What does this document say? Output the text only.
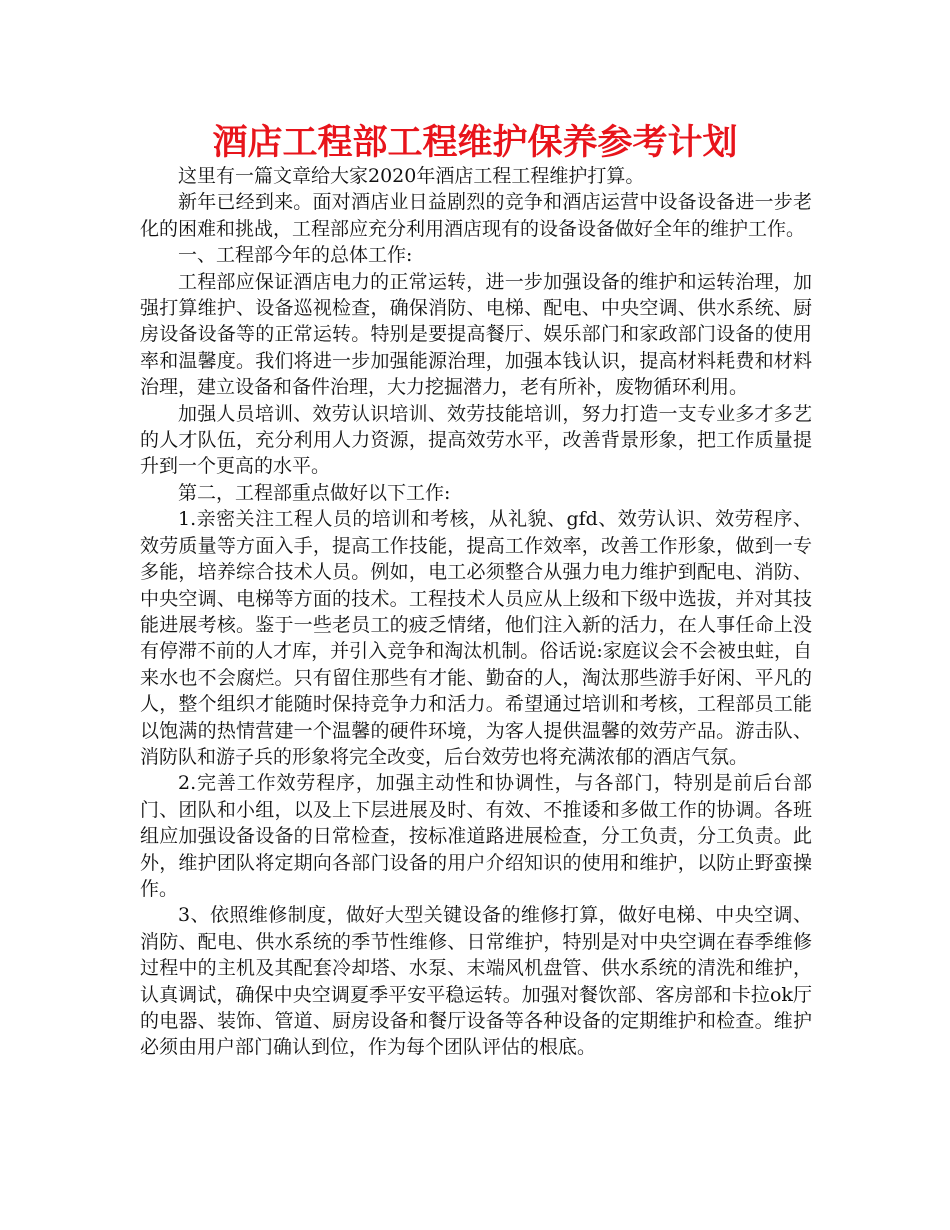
酒店工程部工程维护保养参考计划

这里有一篇文章给大家2020年酒店工程工程维护打算。

新年已经到来。面对酒店业日益剧烈的竞争和酒店运营中设备设备进一步老化的困难和挑战，工程部应充分利用酒店现有的设备设备做好全年的维护工作。

一、工程部今年的总体工作:

工程部应保证酒店电力的正常运转，进一步加强设备的维护和运转治理，加强打算维护、设备巡视检查，确保消防、电梯、配电、中央空调、供水系统、厨房设备设备等的正常运转。特别是要提高餐厅、娱乐部门和家政部门设备的使用率和温馨度。我们将进一步加强能源治理，加强本钱认识，提高材料耗费和材料治理，建立设备和备件治理，大力挖掘潜力，老有所补，废物循环利用。

加强人员培训、效劳认识培训、效劳技能培训，努力打造一支专业多才多艺的人才队伍，充分利用人力资源，提高效劳水平，改善背景形象，把工作质量提升到一个更高的水平。

第二，工程部重点做好以下工作:

1.亲密关注工程人员的培训和考核，从礼貌、gfd、效劳认识、效劳程序、效劳质量等方面入手，提高工作技能，提高工作效率，改善工作形象，做到一专多能，培养综合技术人员。例如，电工必须整合从强力电力维护到配电、消防、中央空调、电梯等方面的技术。工程技术人员应从上级和下级中选拔，并对其技能进展考核。鉴于一些老员工的疲乏情绪，他们注入新的活力，在人事任命上没有停滞不前的人才库，并引入竞争和淘汰机制。俗话说:家庭议会不会被虫蛀，自来水也不会腐烂。只有留住那些有才能、勤奋的人，淘汰那些游手好闲、平凡的人，整个组织才能随时保持竞争力和活力。希望通过培训和考核，工程部员工能以饱满的热情营建一个温馨的硬件环境，为客人提供温馨的效劳产品。游击队、消防队和游子兵的形象将完全改变，后台效劳也将充满浓郁的酒店气氛。

2.完善工作效劳程序，加强主动性和协调性，与各部门，特别是前后台部门、团队和小组，以及上下层进展及时、有效、不推诿和多做工作的协调。各班组应加强设备设备的日常检查，按标准道路进展检查，分工负责，分工负责。此外，维护团队将定期向各部门设备的用户介绍知识的使用和维护，以防止野蛮操作。

3、依照维修制度，做好大型关键设备的维修打算，做好电梯、中央空调、消防、配电、供水系统的季节性维修、日常维护，特别是对中央空调在春季维修过程中的主机及其配套冷却塔、水泵、末端风机盘管、供水系统的清洗和维护，认真调试，确保中央空调夏季平安平稳运转。加强对餐饮部、客房部和卡拉ok厅的电器、装饰、管道、厨房设备和餐厅设备等各种设备的定期维护和检查。维护必须由用户部门确认到位，作为每个团队评估的根底。
